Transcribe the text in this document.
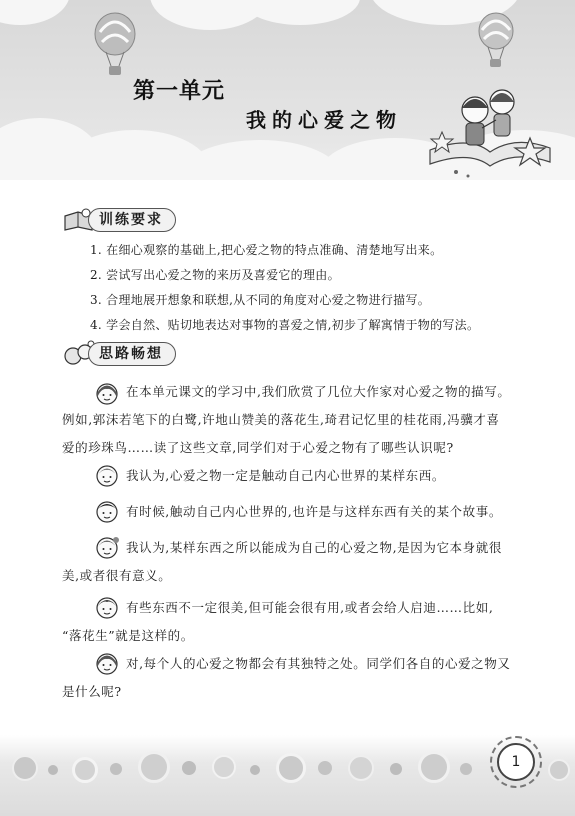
第一单元
我的心爱之物
训练要求
1. 在细心观察的基础上,把心爱之物的特点准确、清楚地写出来。
2. 尝试写出心爱之物的来历及喜爱它的理由。
3. 合理地展开想象和联想,从不同的角度对心爱之物进行描写。
4. 学会自然、贴切地表达对事物的喜爱之情,初步了解寓情于物的写法。
思路畅想
在本单元课文的学习中,我们欣赏了几位大作家对心爱之物的描写。
例如,郭沫若笔下的白鹭,许地山赞美的落花生,琦君记忆里的桂花雨,冯骥才喜
爱的珍珠鸟……读了这些文章,同学们对于心爱之物有了哪些认识呢?
我认为,心爱之物一定是触动自己内心世界的某样东西。
有时候,触动自己内心世界的,也许是与这样东西有关的某个故事。
我认为,某样东西之所以能成为自己的心爱之物,是因为它本身就很
美,或者很有意义。
有些东西不一定很美,但可能会很有用,或者会给人启迪……比如,
“落花生”就是这样的。
对,每个人的心爱之物都会有其独特之处。同学们各自的心爱之物又
是什么呢?
1
